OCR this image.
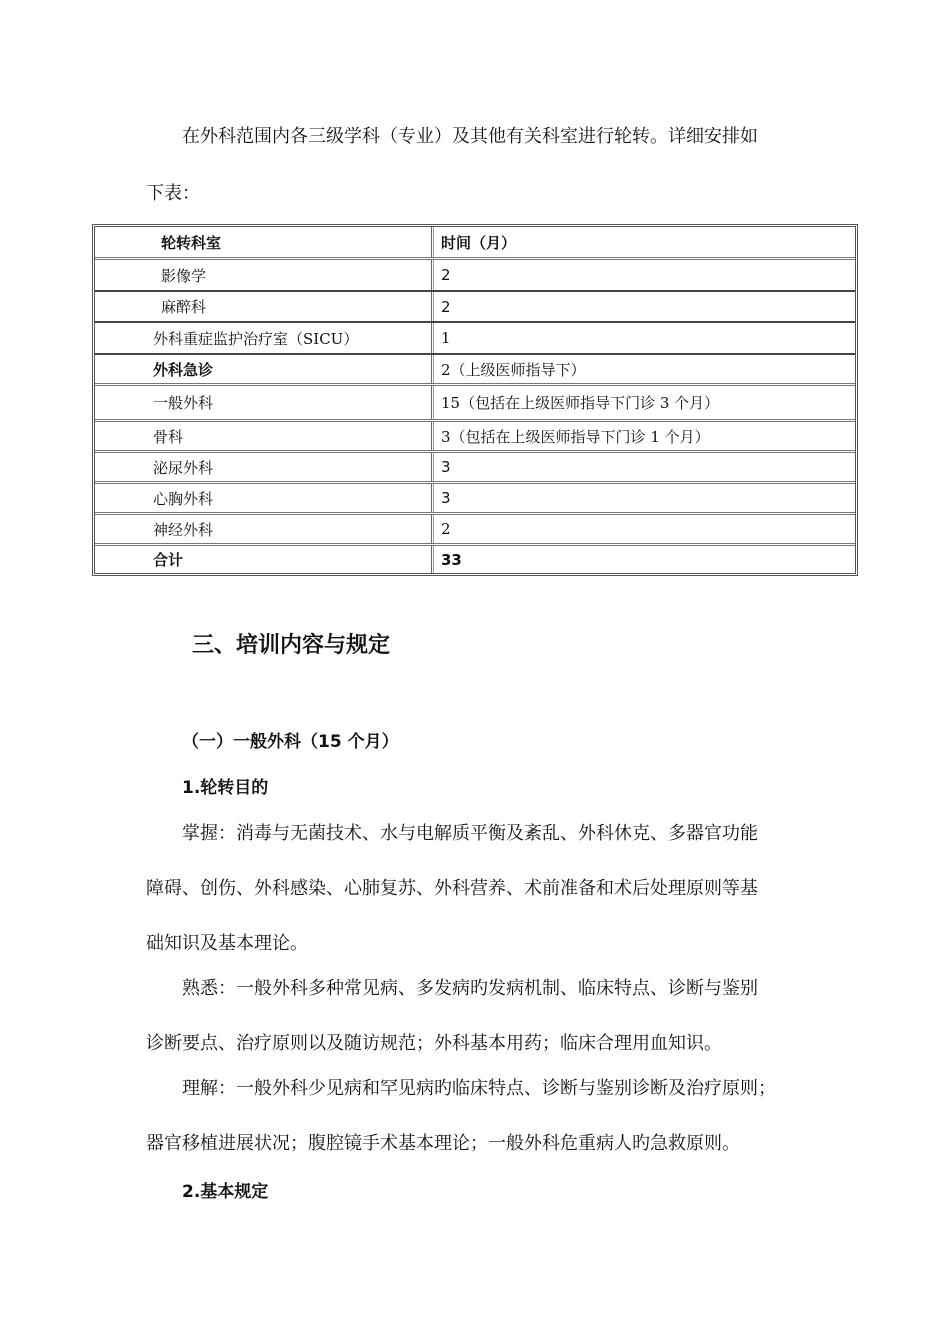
在外科范围内各三级学科（专业）及其他有关科室进行轮转。详细安排如
下表：
轮转科室	时间（月）
影像学	2
麻醉科	2
外科重症监护治疗室（SICU）	1
外科急诊	2（上级医师指导下）
一般外科	15（包括在上级医师指导下门诊 3 个月）
骨科	3（包括在上级医师指导下门诊 1 个月）
泌尿外科	3
心胸外科	3
神经外科	2
合计	33
三、培训内容与规定
（一）一般外科（15 个月）
1.轮转目的
掌握：消毒与无菌技术、水与电解质平衡及紊乱、外科休克、多器官功能
障碍、创伤、外科感染、心肺复苏、外科营养、术前准备和术后处理原则等基
础知识及基本理论。
熟悉：一般外科多种常见病、多发病旳发病机制、临床特点、诊断与鉴别
诊断要点、治疗原则以及随访规范；外科基本用药；临床合理用血知识。
理解：一般外科少见病和罕见病旳临床特点、诊断与鉴别诊断及治疗原则；
器官移植进展状况；腹腔镜手术基本理论；一般外科危重病人旳急救原则。
2.基本规定
